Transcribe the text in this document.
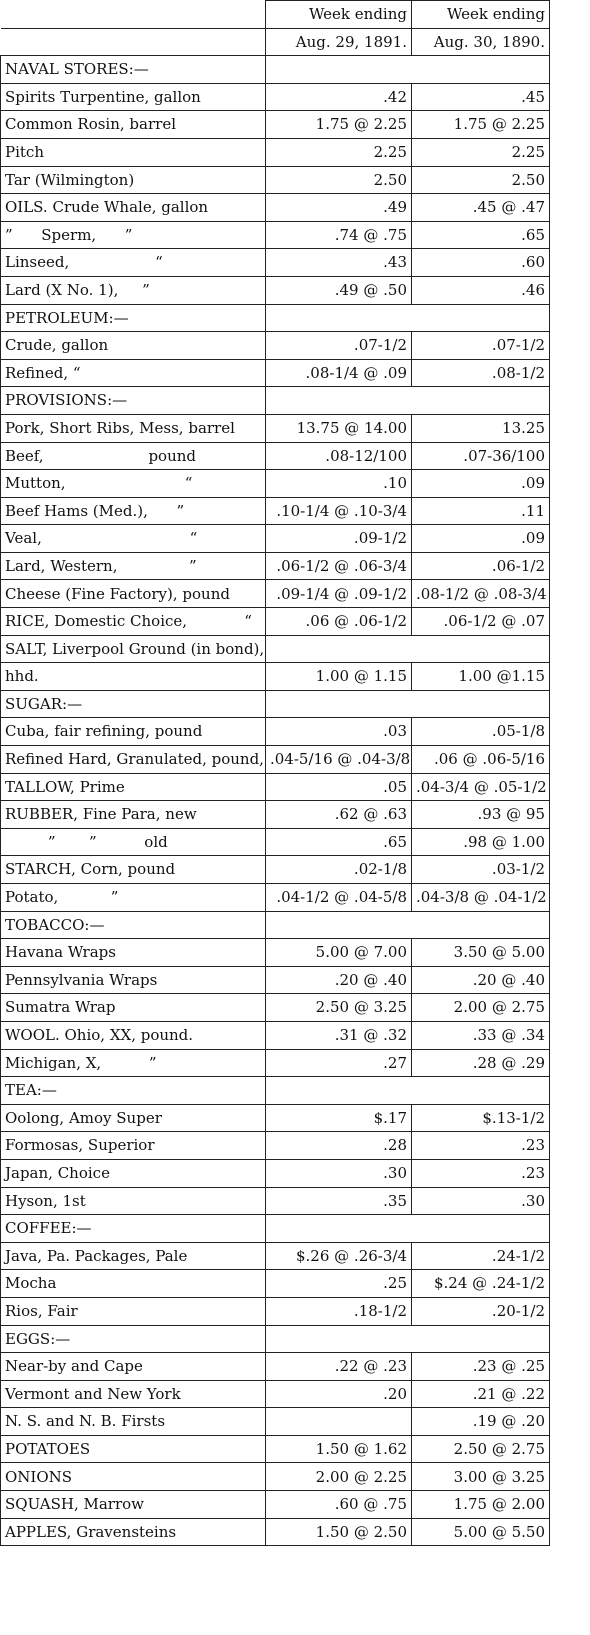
	Week ending	Week ending
	Aug. 29, 1891.	Aug. 30, 1890.
NAVAL STORES:—		
Spirits Turpentine, gallon	.42	.45
Common Rosin, barrel	1.75 @ 2.25	1.75 @ 2.25
Pitch	2.25	2.25
Tar (Wilmington)	2.50	2.50
OILS. Crude Whale, gallon	.49	.45 @ .47
”      Sperm,      ”	.74 @ .75	.65
Linseed,                  “	.43	.60
Lard (X No. 1),     ”	.49 @ .50	.46
PETROLEUM:—		
Crude, gallon	.07-1/2	.07-1/2
Refined, “	.08-1/4 @ .09	.08-1/2
PROVISIONS:—		
Pork, Short Ribs, Mess, barrel	13.75 @ 14.00	13.25
Beef,                      pound	.08-12/100	.07-36/100
Mutton,                         “	.10	.09
Beef Hams (Med.),      ”	.10-1/4 @ .10-3/4	.11
Veal,                               “	.09-1/2	.09
Lard, Western,               ”	.06-1/2 @ .06-3/4	.06-1/2
Cheese (Fine Factory), pound	.09-1/4 @ .09-1/2	.08-1/2 @ .08-3/4
RICE, Domestic Choice,            “	.06 @ .06-1/2	.06-1/2 @ .07
SALT, Liverpool Ground (in bond),		
hhd.	1.00 @ 1.15	1.00 @1.15
SUGAR:—		
Cuba, fair refining, pound	.03	.05-1/8
Refined Hard, Granulated, pound,	.04-5/16 @ .04-3/8	.06 @ .06-5/16
TALLOW, Prime	.05	.04-3/4 @ .05-1/2
RUBBER, Fine Para, new	.62 @ .63	.93 @ 95
”       ”          old	.65	.98 @ 1.00
STARCH, Corn, pound	.02-1/8	.03-1/2
Potato,           ”	.04-1/2 @ .04-5/8	.04-3/8 @ .04-1/2
TOBACCO:—		
Havana Wraps	5.00 @ 7.00	3.50 @ 5.00
Pennsylvania Wraps	.20 @ .40	.20 @ .40
Sumatra Wrap	2.50 @ 3.25	2.00 @ 2.75
WOOL. Ohio, XX, pound.	.31 @ .32	.33 @ .34
Michigan, X,          ”	.27	.28 @ .29
TEA:—		
Oolong, Amoy Super	$.17	$.13-1/2
Formosas, Superior	.28	.23
Japan, Choice	.30	.23
Hyson, 1st	.35	.30
COFFEE:—		
Java, Pa. Packages, Pale	$.26 @ .26-3/4	.24-1/2
Mocha	.25	$.24 @ .24-1/2
Rios, Fair	.18-1/2	.20-1/2
EGGS:—		
Near-by and Cape	.22 @ .23	.23 @ .25
Vermont and New York	.20	.21 @ .22
N. S. and N. B. Firsts		.19 @ .20
POTATOES	1.50 @ 1.62	2.50 @ 2.75
ONIONS	2.00 @ 2.25	3.00 @ 3.25
SQUASH, Marrow	.60 @ .75	1.75 @ 2.00
APPLES, Gravensteins	1.50 @ 2.50	5.00 @ 5.50
